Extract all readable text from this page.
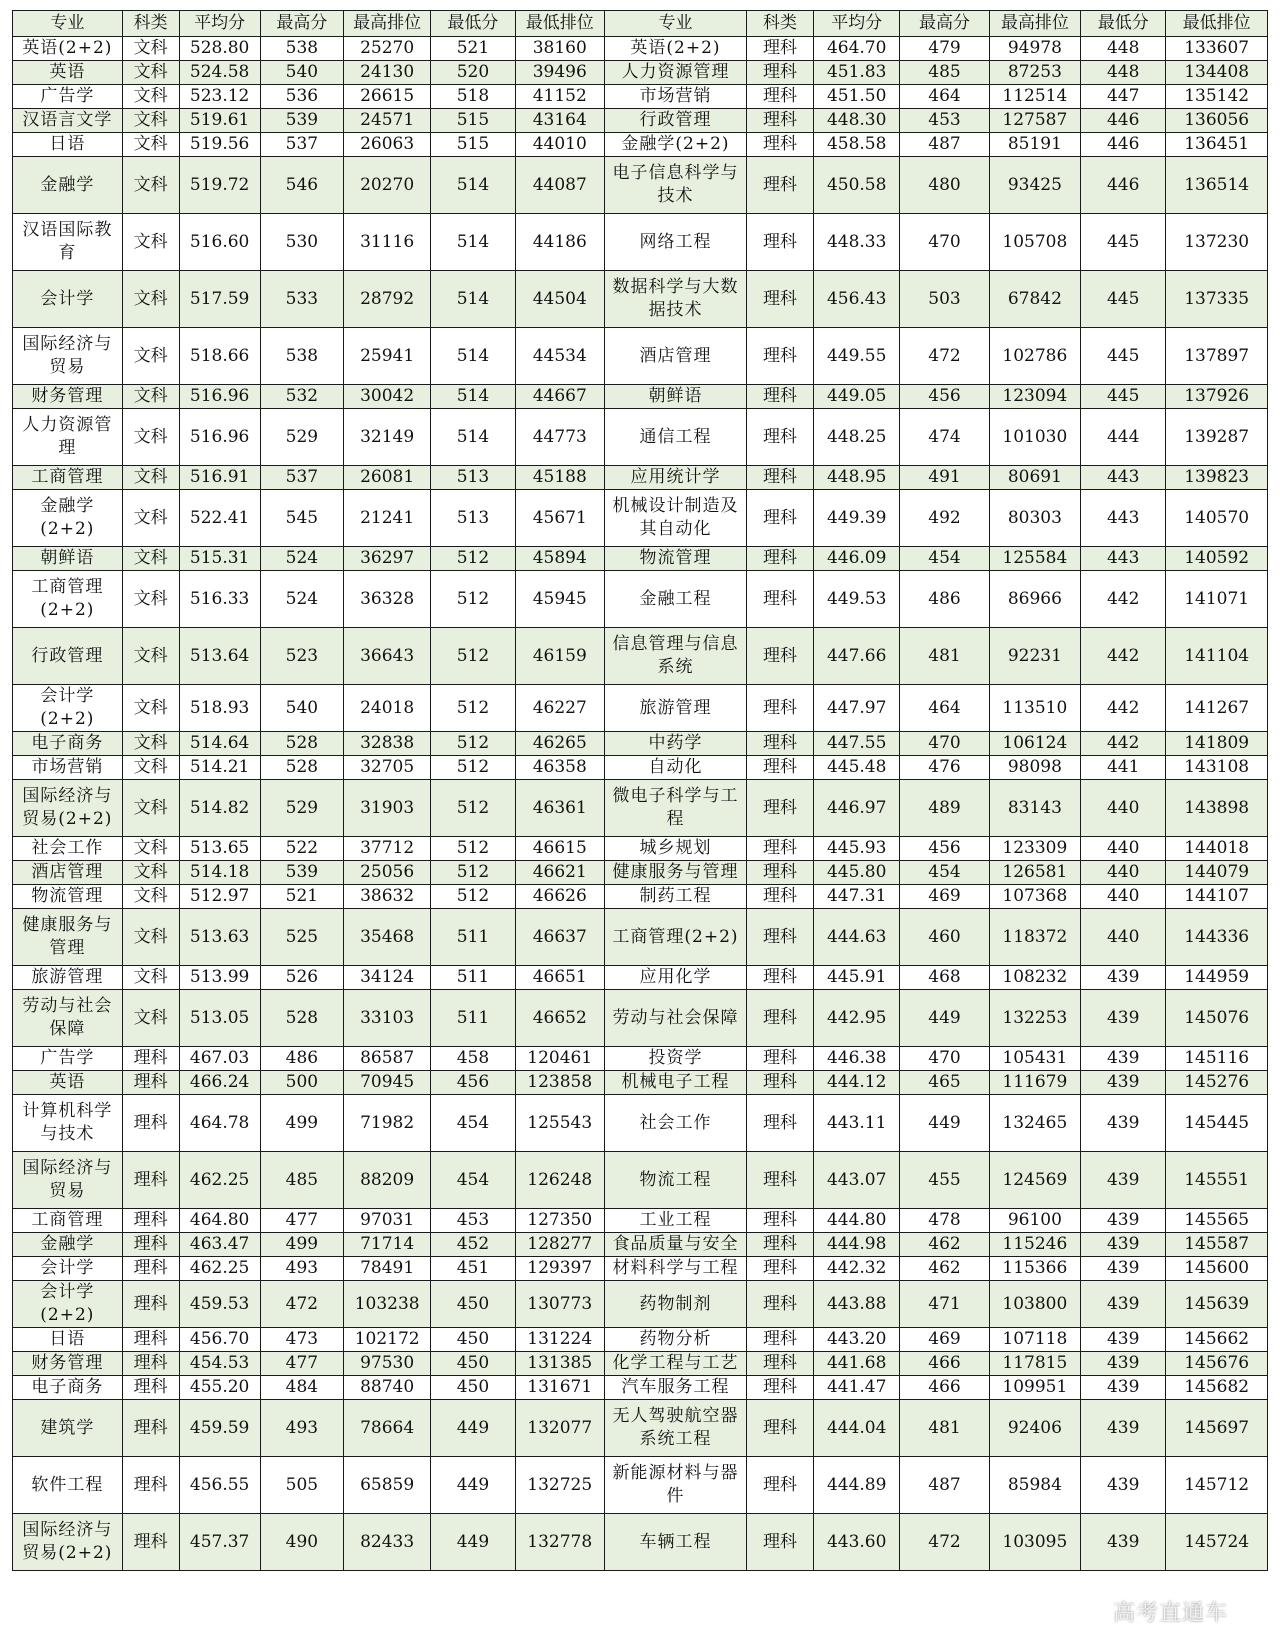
专业	科类	平均分	最高分	最高排位	最低分	最低排位	专业	科类	平均分	最高分	最高排位	最低分	最低排位
英语(2+2)	文科	528.80	538	25270	521	38160	英语(2+2)	理科	464.70	479	94978	448	133607
英语	文科	524.58	540	24130	520	39496	人力资源管理	理科	451.83	485	87253	448	134408
广告学	文科	523.12	536	26615	518	41152	市场营销	理科	451.50	464	112514	447	135142
汉语言文学	文科	519.61	539	24571	515	43164	行政管理	理科	448.30	453	127587	446	136056
日语	文科	519.56	537	26063	515	44010	金融学(2+2)	理科	458.58	487	85191	446	136451
金融学	文科	519.72	546	20270	514	44087	电子信息科学与技术	理科	450.58	480	93425	446	136514
汉语国际教育	文科	516.60	530	31116	514	44186	网络工程	理科	448.33	470	105708	445	137230
会计学	文科	517.59	533	28792	514	44504	数据科学与大数据技术	理科	456.43	503	67842	445	137335
国际经济与贸易	文科	518.66	538	25941	514	44534	酒店管理	理科	449.55	472	102786	445	137897
财务管理	文科	516.96	532	30042	514	44667	朝鲜语	理科	449.05	456	123094	445	137926
人力资源管理	文科	516.96	529	32149	514	44773	通信工程	理科	448.25	474	101030	444	139287
工商管理	文科	516.91	537	26081	513	45188	应用统计学	理科	448.95	491	80691	443	139823
金融学(2+2)	文科	522.41	545	21241	513	45671	机械设计制造及其自动化	理科	449.39	492	80303	443	140570
朝鲜语	文科	515.31	524	36297	512	45894	物流管理	理科	446.09	454	125584	443	140592
工商管理(2+2)	文科	516.33	524	36328	512	45945	金融工程	理科	449.53	486	86966	442	141071
行政管理	文科	513.64	523	36643	512	46159	信息管理与信息系统	理科	447.66	481	92231	442	141104
会计学(2+2)	文科	518.93	540	24018	512	46227	旅游管理	理科	447.97	464	113510	442	141267
电子商务	文科	514.64	528	32838	512	46265	中药学	理科	447.55	470	106124	442	141809
市场营销	文科	514.21	528	32705	512	46358	自动化	理科	445.48	476	98098	441	143108
国际经济与贸易(2+2)	文科	514.82	529	31903	512	46361	微电子科学与工程	理科	446.97	489	83143	440	143898
社会工作	文科	513.65	522	37712	512	46615	城乡规划	理科	445.93	456	123309	440	144018
酒店管理	文科	514.18	539	25056	512	46621	健康服务与管理	理科	445.80	454	126581	440	144079
物流管理	文科	512.97	521	38632	512	46626	制药工程	理科	447.31	469	107368	440	144107
健康服务与管理	文科	513.63	525	35468	511	46637	工商管理(2+2)	理科	444.63	460	118372	440	144336
旅游管理	文科	513.99	526	34124	511	46651	应用化学	理科	445.91	468	108232	439	144959
劳动与社会保障	文科	513.05	528	33103	511	46652	劳动与社会保障	理科	442.95	449	132253	439	145076
广告学	理科	467.03	486	86587	458	120461	投资学	理科	446.38	470	105431	439	145116
英语	理科	466.24	500	70945	456	123858	机械电子工程	理科	444.12	465	111679	439	145276
计算机科学与技术	理科	464.78	499	71982	454	125543	社会工作	理科	443.11	449	132465	439	145445
国际经济与贸易	理科	462.25	485	88209	454	126248	物流工程	理科	443.07	455	124569	439	145551
工商管理	理科	464.80	477	97031	453	127350	工业工程	理科	444.80	478	96100	439	145565
金融学	理科	463.47	499	71714	452	128277	食品质量与安全	理科	444.98	462	115246	439	145587
会计学	理科	462.25	493	78491	451	129397	材料科学与工程	理科	442.32	462	115366	439	145600
会计学(2+2)	理科	459.53	472	103238	450	130773	药物制剂	理科	443.88	471	103800	439	145639
日语	理科	456.70	473	102172	450	131224	药物分析	理科	443.20	469	107118	439	145662
财务管理	理科	454.53	477	97530	450	131385	化学工程与工艺	理科	441.68	466	117815	439	145676
电子商务	理科	455.20	484	88740	450	131671	汽车服务工程	理科	441.47	466	109951	439	145682
建筑学	理科	459.59	493	78664	449	132077	无人驾驶航空器系统工程	理科	444.04	481	92406	439	145697
软件工程	理科	456.55	505	65859	449	132725	新能源材料与器件	理科	444.89	487	85984	439	145712
国际经济与贸易(2+2)	理科	457.37	490	82433	449	132778	车辆工程	理科	443.60	472	103095	439	145724
高考直通车
